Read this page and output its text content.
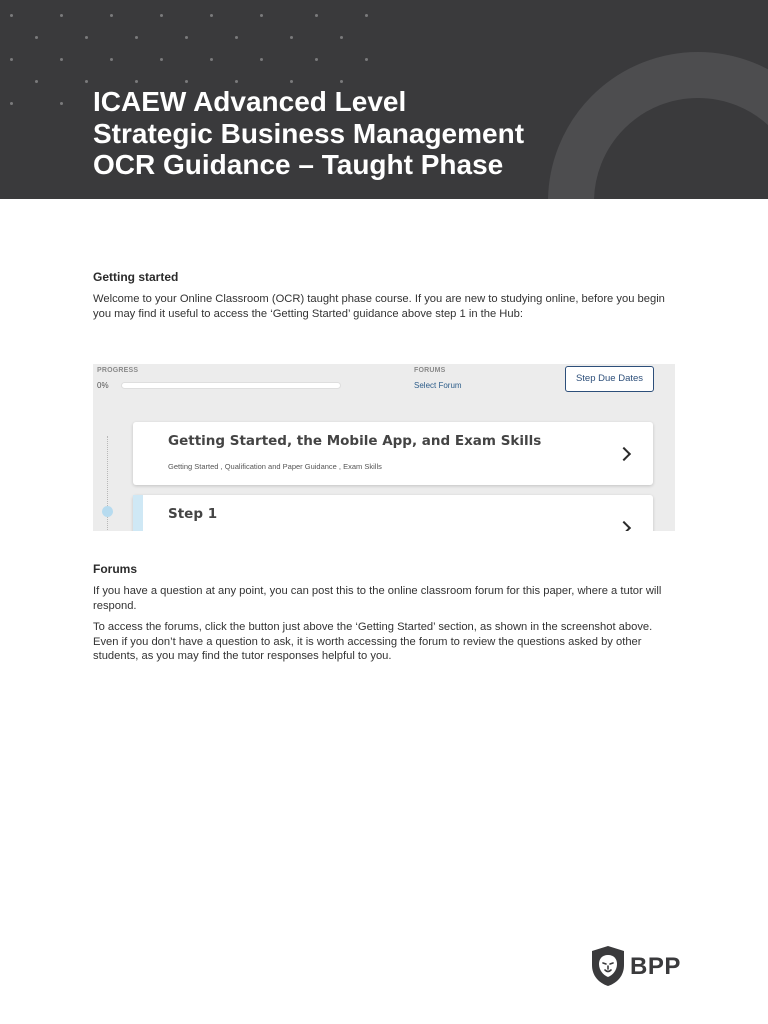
ICAEW Advanced Level
Strategic Business Management
OCR Guidance – Taught Phase
Getting started

Welcome to your Online Classroom (OCR) taught phase course. If you are new to studying online, before you begin you may find it useful to access the ‘Getting Started’ guidance above step 1 in the Hub:

PROGRESS
0%
FORUMS
Select Forum
Step Due Dates
Getting Started, the Mobile App, and Exam Skills
Getting Started , Qualification and Paper Guidance , Exam Skills
Step 1
Forums

If you have a question at any point, you can post this to the online classroom forum for this paper, where a tutor will respond.

To access the forums, click the button just above the ‘Getting Started’ section, as shown in the screenshot above. Even if you don’t have a question to ask, it is worth accessing the forum to review the questions asked by other students, as you may find the tutor responses helpful to you.

BPP
